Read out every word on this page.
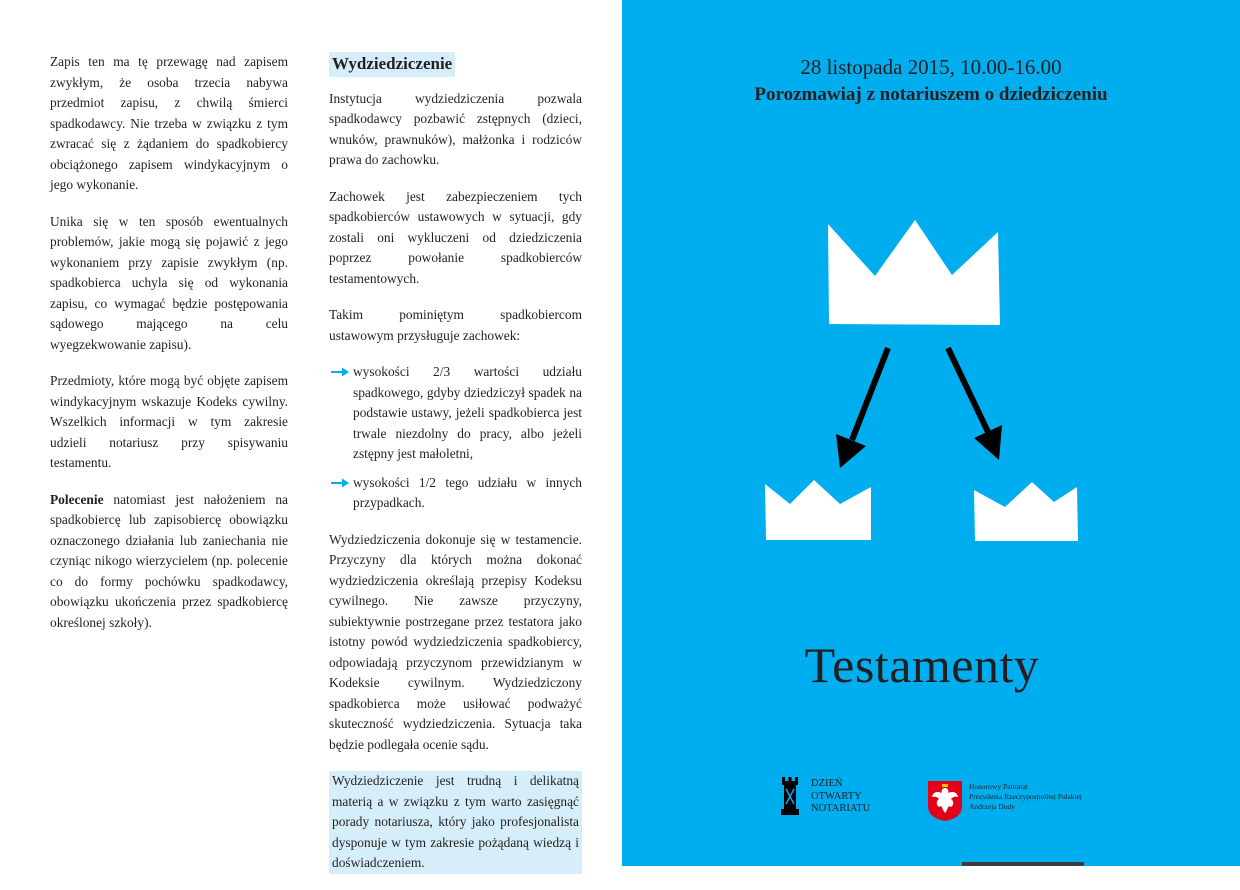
Zapis ten ma tę przewagę nad zapisem zwykłym, że osoba trzecia nabywa przedmiot zapisu, z chwilą śmierci spadkodawcy. Nie trzeba w związku z tym zwracać się z żądaniem do spadkobiercy obciążonego zapisem windykacyjnym o jego wykonanie.

Unika się w ten sposób ewentualnych problemów, jakie mogą się pojawić z jego wykonaniem przy zapisie zwykłym (np. spadkobierca uchyla się od wykonania zapisu, co wymagać będzie postępowania sądowego mającego na celu wyegzekwowanie zapisu).

Przedmioty, które mogą być objęte zapisem windykacyjnym wskazuje Kodeks cywilny. Wszelkich informacji w tym zakresie udzieli notariusz przy spisywaniu testamentu.

Polecenie natomiast jest nałożeniem na spadkobiercę lub zapisobiercę obowiązku oznaczonego działania lub zaniechania nie czyniąc nikogo wierzycielem (np. polecenie co do formy pochówku spadkodawcy, obowiązku ukończenia przez spadkobiercę określonej szkoły).

Wydziedziczenie

Instytucja wydziedziczenia pozwala spadkodawcy pozbawić zstępnych (dzieci, wnuków, prawnuków), małżonka i rodziców prawa do zachowku.

Zachowek jest zabezpieczeniem tych spadkobierców ustawowych w sytuacji, gdy zostali oni wykluczeni od dziedziczenia poprzez powołanie spadkobierców testamentowych.

Takim pominiętym spadkobiercom ustawowym przysługuje zachowek:

wysokości 2/3 wartości udziału spadkowego, gdyby dziedziczył spadek na podstawie ustawy, jeżeli spadkobierca jest trwale niezdolny do pracy, albo jeżeli zstępny jest małoletni,
wysokości 1/2 tego udziału w innych przypadkach.

Wydziedziczenia dokonuje się w testamencie. Przyczyny dla których można dokonać wydziedziczenia określają przepisy Kodeksu cywilnego. Nie zawsze przyczyny, subiektywnie postrzegane przez testatora jako istotny powód wydziedziczenia spadkobiercy, odpowiadają przyczynom przewidzianym w Kodeksie cywilnym. Wydziedziczony spadkobierca może usiłować podważyć skuteczność wydziedziczenia. Sytuacja taka będzie podlegała ocenie sądu.

Wydziedziczenie jest trudną i delikatną materią a w związku z tym warto zasięgnąć porady notariusza, który jako profesjonalista dysponuje w tym zakresie pożądaną wiedzą i doświadczeniem.

28 listopada 2015, 10.00-16.00
Porozmawiaj z notariuszem o dziedziczeniu
Testamenty
DZIEŃ
OTWARTY
NOTARIATU
Honorowy Patronat
Prezydenta Rzeczypospolitej Polskiej
Andrzeja Dudy
